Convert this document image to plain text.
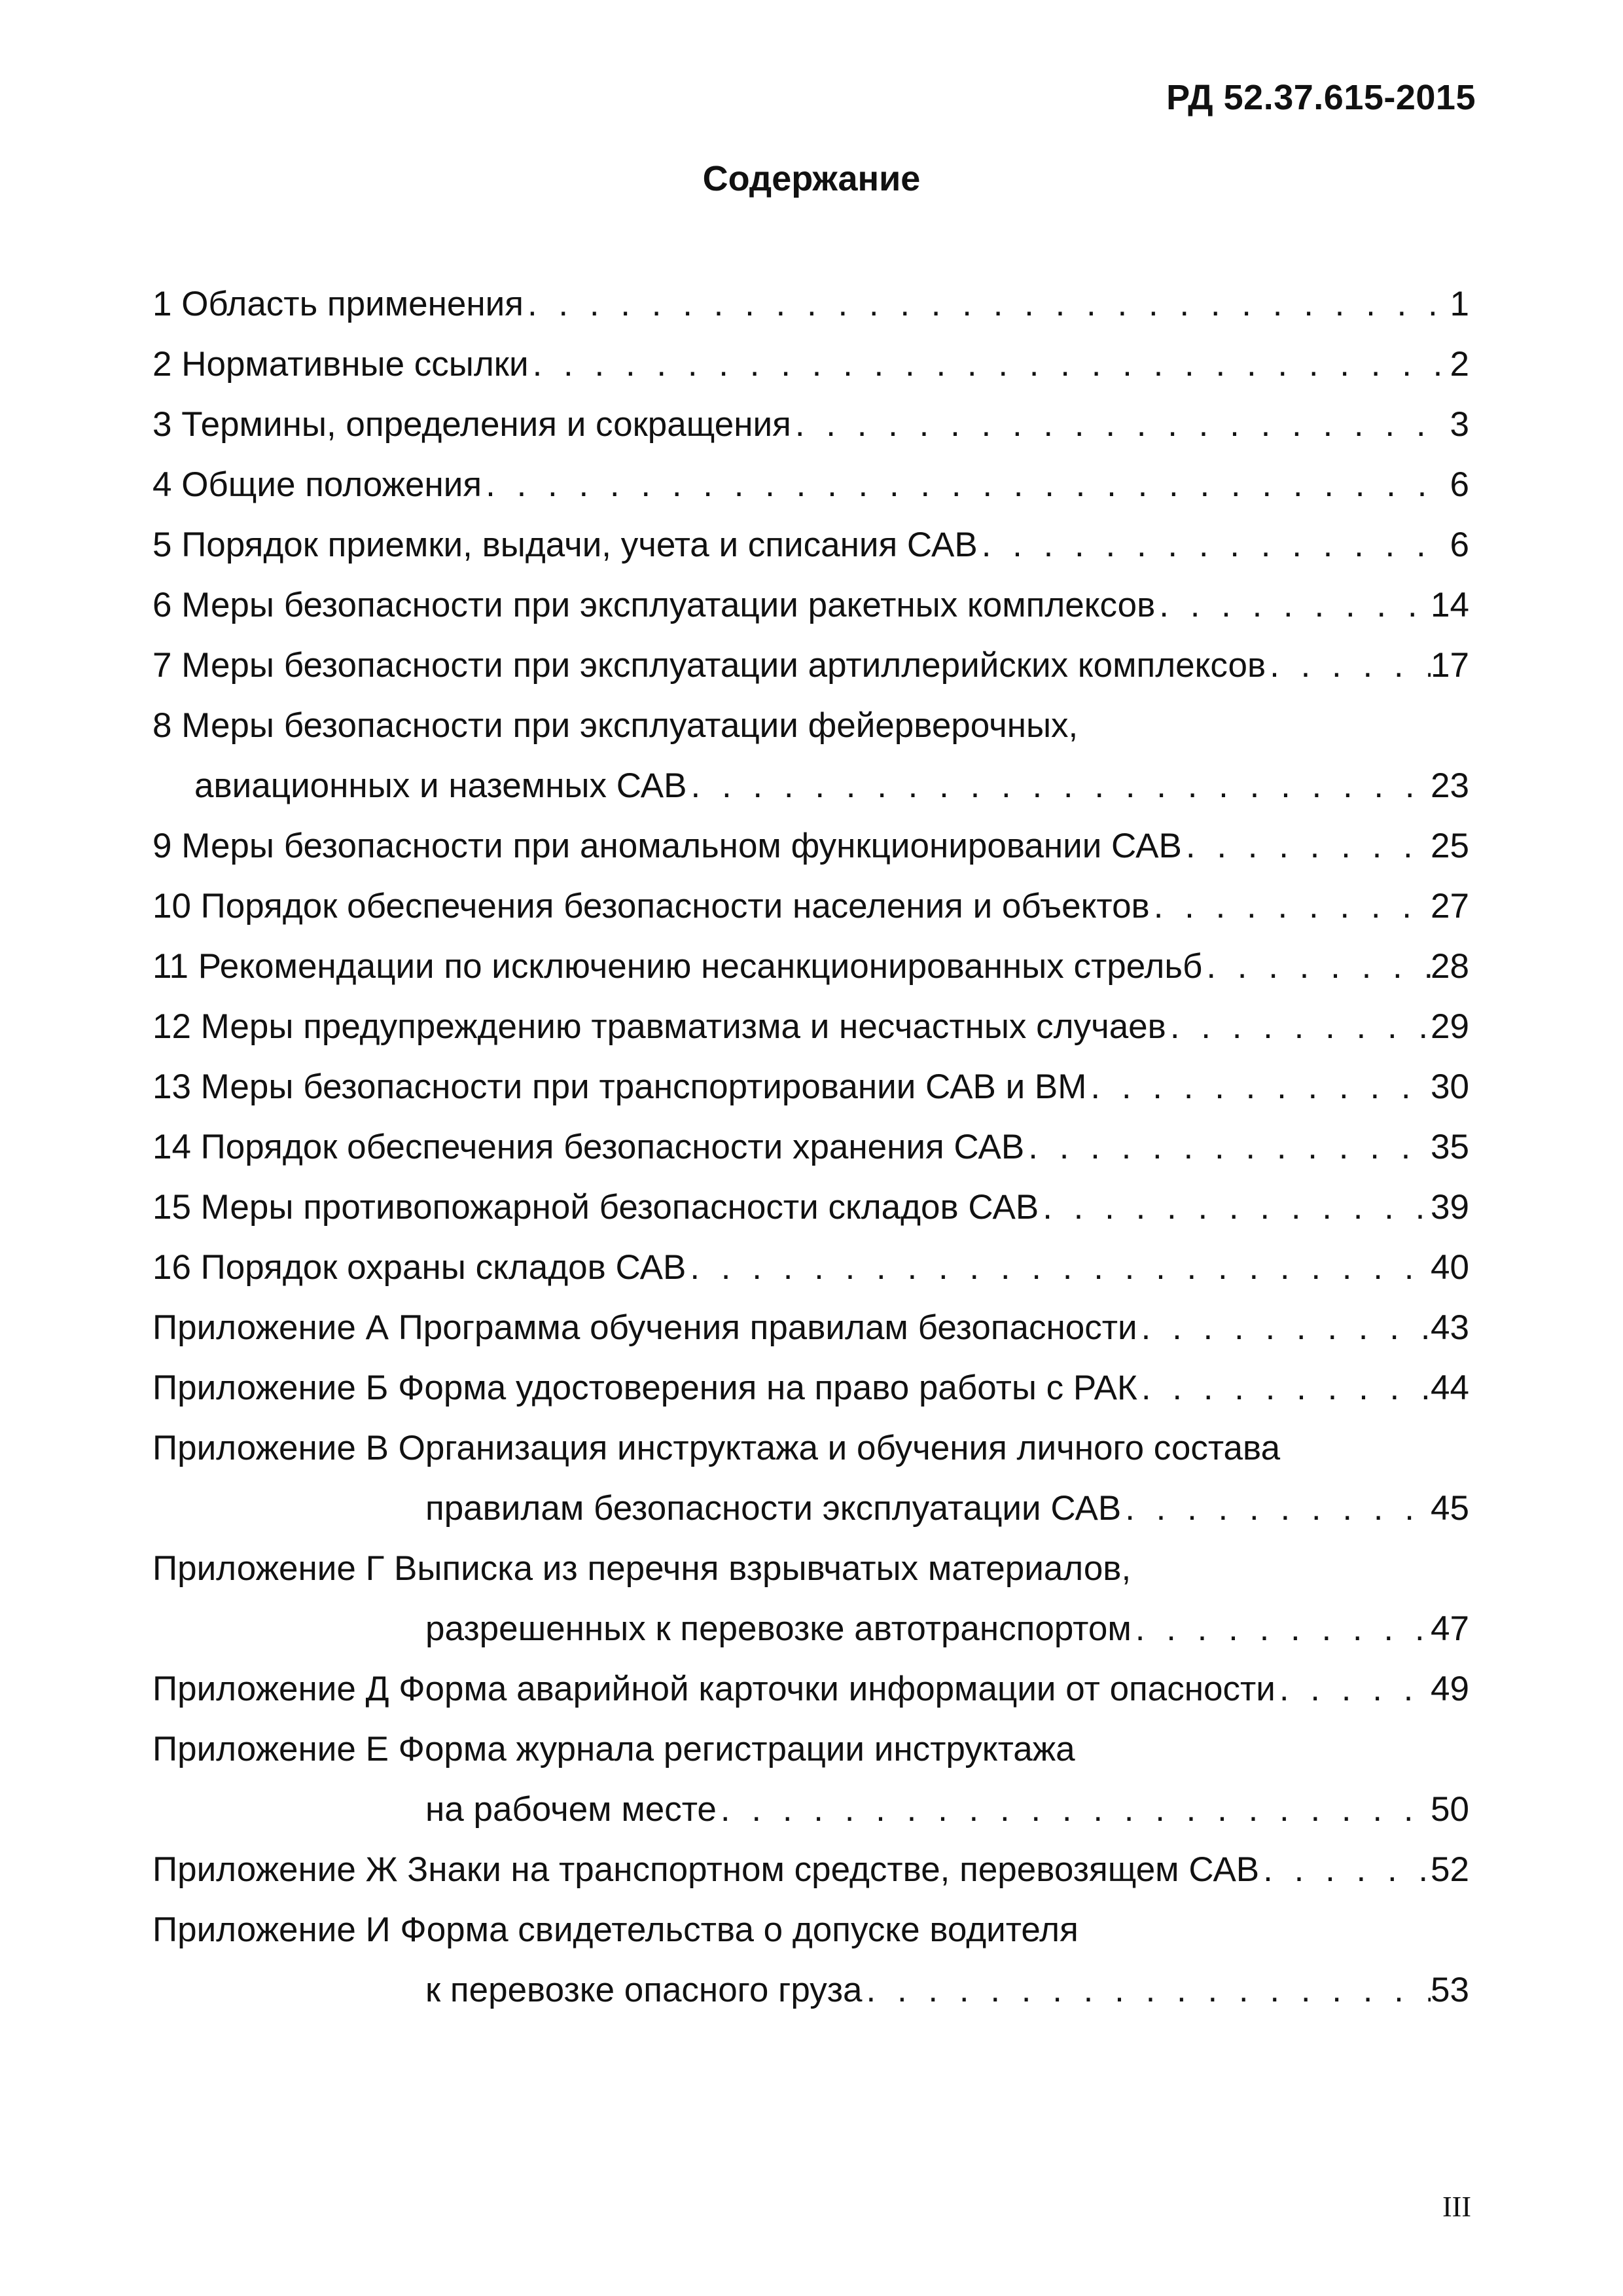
РД 52.37.615-2015
Содержание
1 Область применения . . .	1
2 Нормативные ссылки . . .	2
3 Термины, определения и сокращения . . .	3
4 Общие положения . . .	6
5 Порядок приемки, выдачи, учета и списания САВ . . .	6
6 Меры безопасности при эксплуатации ракетных комплексов . . .	14
7 Меры безопасности при эксплуатации артиллерийских комплексов . . .	17
8 Меры безопасности при эксплуатации фейерверочных,
авиационных и наземных САВ . . .	23
9 Меры безопасности при аномальном функционировании САВ . . .	25
10 Порядок обеспечения безопасности населения и объектов . . .	27
11 Рекомендации по исключению несанкционированных стрельб . . .	28
12 Меры предупреждению травматизма и несчастных случаев . . .	29
13 Меры безопасности при транспортировании САВ и ВМ . . .	30
14 Порядок обеспечения безопасности хранения САВ . . .	35
15 Меры противопожарной безопасности складов САВ . . .	39
16 Порядок охраны складов САВ . . .	40
Приложение А Программа обучения правилам безопасности . . .	43
Приложение Б Форма удостоверения на право работы с РАК . . .	44
Приложение В Организация инструктажа и обучения личного состава
правилам безопасности эксплуатации САВ . . .	45
Приложение Г Выписка из перечня взрывчатых материалов,
разрешенных к перевозке автотранспортом . . .	47
Приложение Д Форма аварийной карточки информации от опасности . . .	49
Приложение Е Форма журнала регистрации инструктажа
на рабочем месте . . .	50
Приложение Ж Знаки на транспортном средстве, перевозящем САВ . . .	52
Приложение И Форма свидетельства о допуске водителя
к перевозке опасного груза . . .	53
III
